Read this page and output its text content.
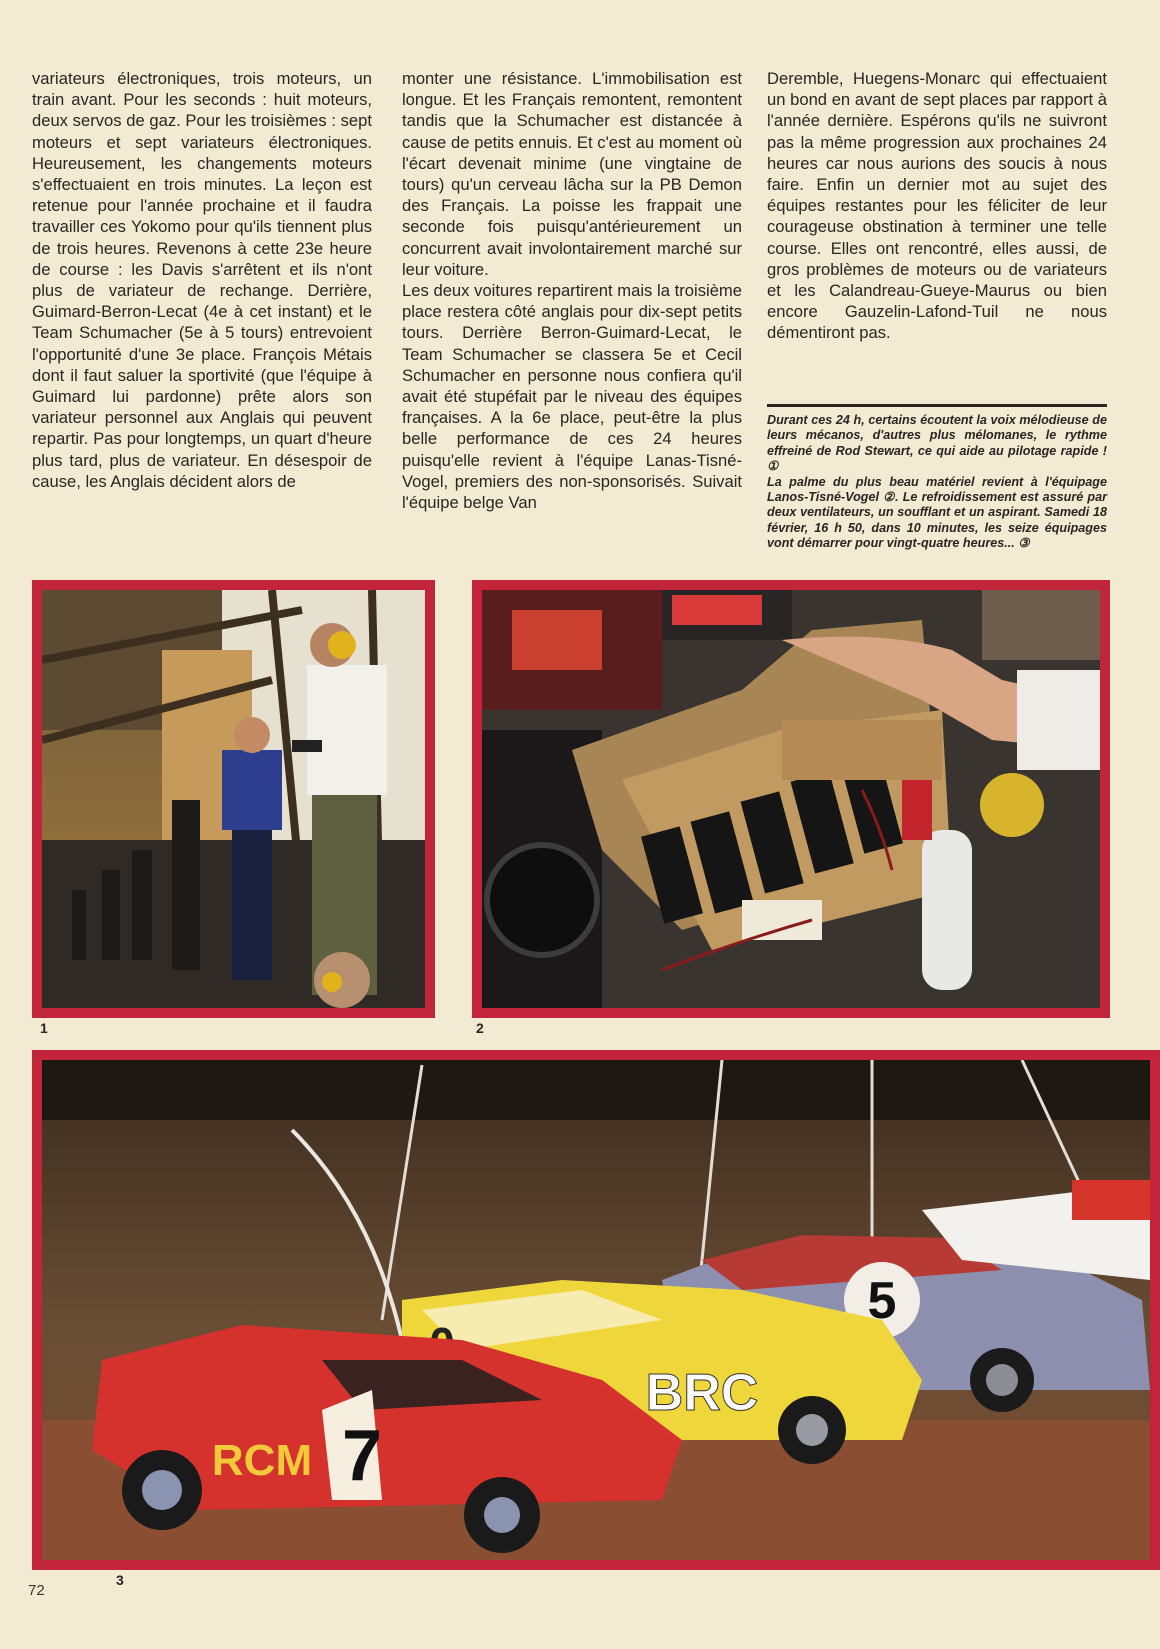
variateurs électroniques, trois moteurs, un train avant. Pour les seconds : huit moteurs, deux servos de gaz. Pour les troisièmes : sept moteurs et sept variateurs électroniques. Heureusement, les changements moteurs s'effectuaient en trois minutes. La leçon est retenue pour l'année prochaine et il faudra travailler ces Yokomo pour qu'ils tiennent plus de trois heures. Revenons à cette 23e heure de course : les Davis s'arrêtent et ils n'ont plus de variateur de rechange. Derrière, Guimard-Berron-Lecat (4e à cet instant) et le Team Schumacher (5e à 5 tours) entrevoient l'opportunité d'une 3e place. François Métais dont il faut saluer la sportivité (que l'équipe à Guimard lui pardonne) prête alors son variateur personnel aux Anglais qui peuvent repartir. Pas pour longtemps, un quart d'heure plus tard, plus de variateur. En désespoir de cause, les Anglais décident alors de

monter une résistance. L'immobilisation est longue. Et les Français remontent, remontent tandis que la Schumacher est distancée à cause de petits ennuis. Et c'est au moment où l'écart devenait minime (une vingtaine de tours) qu'un cerveau lâcha sur la PB Demon des Français. La poisse les frappait une seconde fois puisqu'antérieurement un concurrent avait involontairement marché sur leur voiture.

Les deux voitures repartirent mais la troisième place restera côté anglais pour dix-sept petits tours. Derrière Berron-Guimard-Lecat, le Team Schumacher se classera 5e et Cecil Schumacher en personne nous confiera qu'il avait été stupéfait par le niveau des équipes françaises. A la 6e place, peut-être la plus belle performance de ces 24 heures puisqu'elle revient à l'équipe Lanas-Tisné-Vogel, premiers des non-sponsorisés. Suivait l'équipe belge Van

Deremble, Huegens-Monarc qui effectuaient un bond en avant de sept places par rapport à l'année dernière. Espérons qu'ils ne suivront pas la même progression aux prochaines 24 heures car nous aurions des soucis à nous faire. Enfin un dernier mot au sujet des équipes restantes pour les féliciter de leur courageuse obstination à terminer une telle course. Elles ont rencontré, elles aussi, de gros problèmes de moteurs ou de variateurs et les Calandreau-Gueye-Maurus ou bien encore Gauzelin-Lafond-Tuil ne nous démentiront pas.

Durant ces 24 h, certains écoutent la voix mélodieuse de leurs mécanos, d'autres plus mélomanes, le rythme effreiné de Rod Stewart, ce qui aide au pilotage rapide ! ①

La palme du plus beau matériel revient à l'équipage Lanos-Tisné-Vogel ②. Le refroidissement est assuré par deux ventilateurs, un soufflant et un aspirant. Samedi 18 février, 16 h 50, dans 10 minutes, les seize équipages vont démarrer pour vingt-quatre heures... ③

1	2
5
BRC
7
RCM
3
72
